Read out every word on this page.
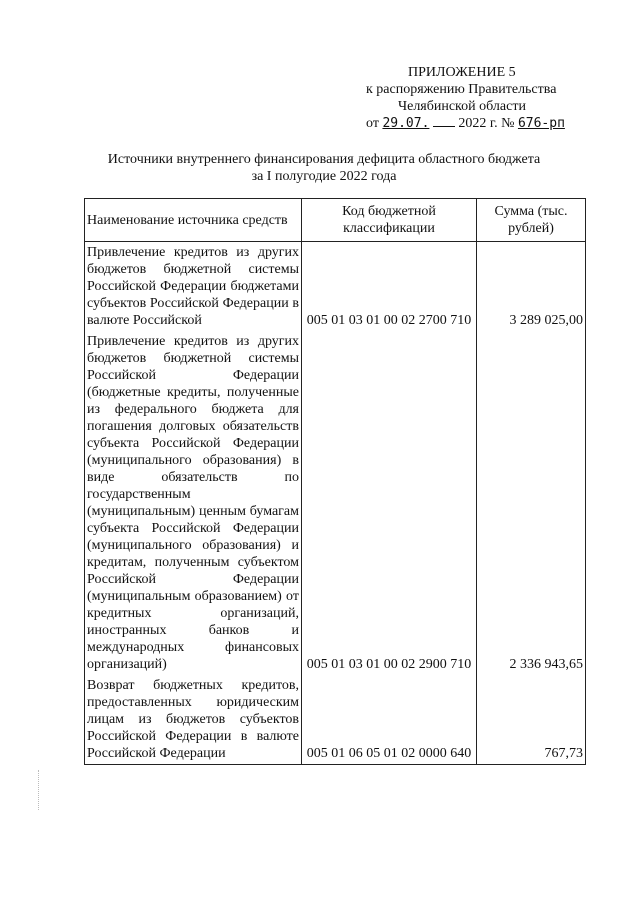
ПРИЛОЖЕНИЕ 5
к распоряжению Правительства
Челябинской области
от 29.07. 2022 г. № 676-рп
Источники внутреннего финансирования дефицита областного бюджета
за I полугодие 2022 года
Наименование источника средств	Код бюджетной классификации	Сумма (тыс. рублей)
Привлечение кредитов из других бюджетов бюджетной системы Российской Федерации бюджетами субъектов Российской Федерации в валюте Российской	005 01 03 01 00 02 2700 710	3 289 025,00
Привлечение кредитов из других бюджетов бюджетной системы Российской Федерации (бюджетные кредиты, полученные из федерального бюджета для погашения долговых обязательств субъекта Российской Федерации (муниципального образования) в виде обязательств по государственным (муниципальным) ценным бумагам субъекта Российской Федерации (муниципального образования) и кредитам, полученным субъектом Российской Федерации (муниципальным образованием) от кредитных организаций, иностранных банков и международных финансовых организаций)	005 01 03 01 00 02 2900 710	2 336 943,65
Возврат бюджетных кредитов, предоставленных юридическим лицам из бюджетов субъектов Российской Федерации в валюте Российской Федерации	005 01 06 05 01 02 0000 640	767,73
